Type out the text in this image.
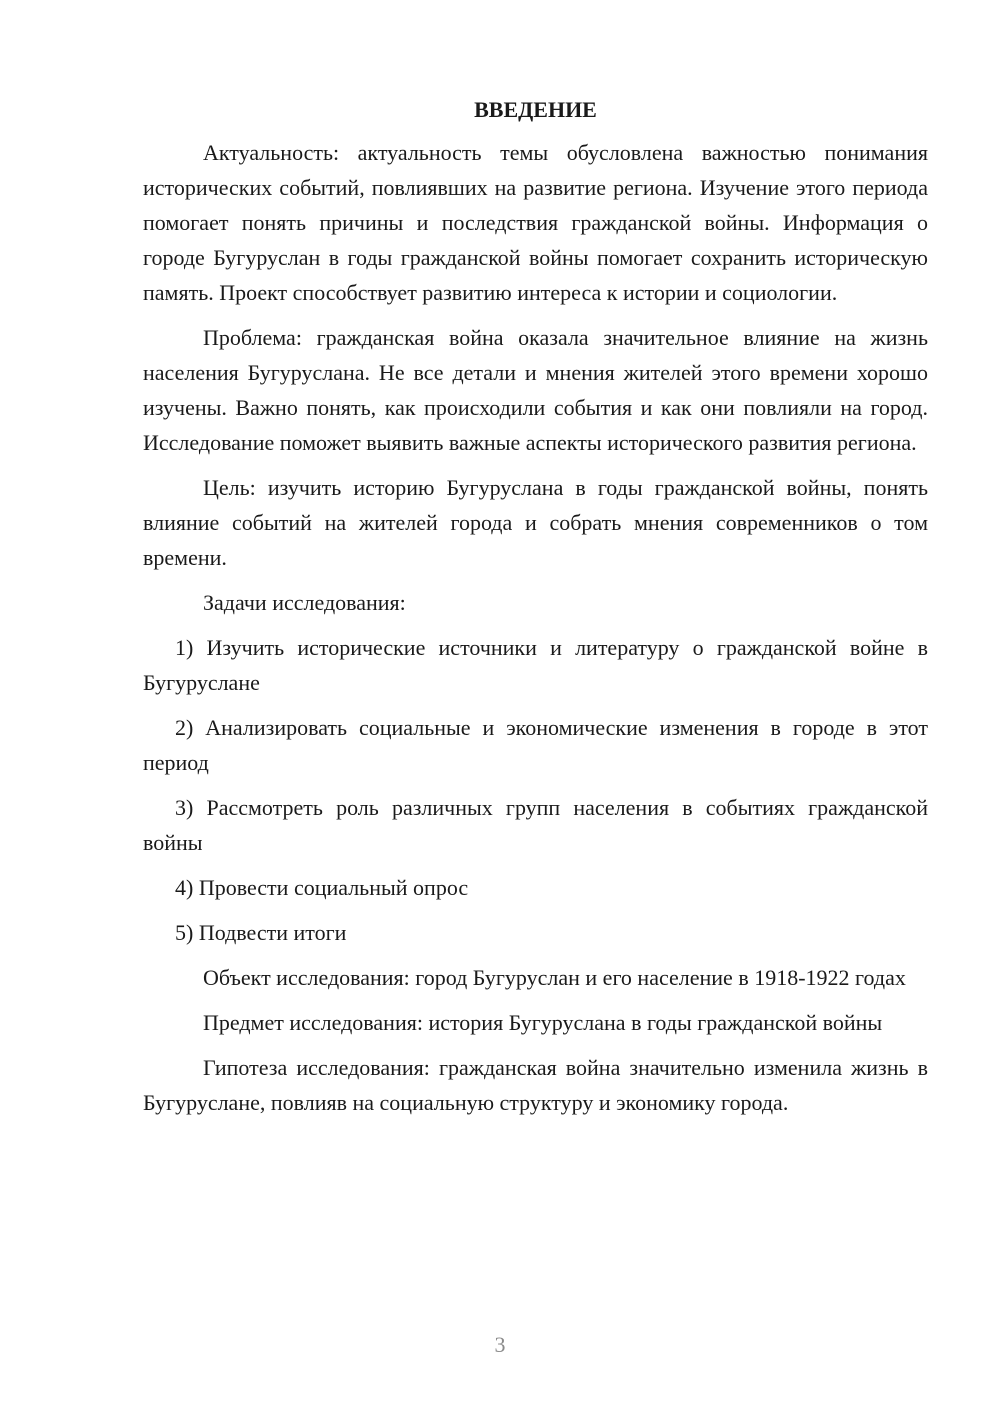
ВВЕДЕНИЕ

Актуальность: актуальность темы обусловлена важностью понимания исторических событий, повлиявших на развитие региона. Изучение этого периода помогает понять причины и последствия гражданской войны. Информация о городе Бугуруслан в годы гражданской войны помогает сохранить историческую память. Проект способствует развитию интереса к истории и социологии.

Проблема: гражданская война оказала значительное влияние на жизнь населения Бугуруслана. Не все детали и мнения жителей этого времени хорошо изучены. Важно понять, как происходили события и как они повлияли на город. Исследование поможет выявить важные аспекты исторического развития региона.

Цель: изучить историю Бугуруслана в годы гражданской войны, понять влияние событий на жителей города и собрать мнения современников о том времени.

Задачи исследования:

1) Изучить исторические источники и литературу о гражданской войне в Бугуруслане

2) Анализировать социальные и экономические изменения в городе в этот период

3) Рассмотреть роль различных групп населения в событиях гражданской войны

4) Провести социальный опрос

5) Подвести итоги

Объект исследования: город Бугуруслан и его население в 1918-1922 годах

Предмет исследования: история Бугуруслана в годы гражданской войны

Гипотеза исследования: гражданская война значительно изменила жизнь в Бугуруслане, повлияв на социальную структуру и экономику города.

3
